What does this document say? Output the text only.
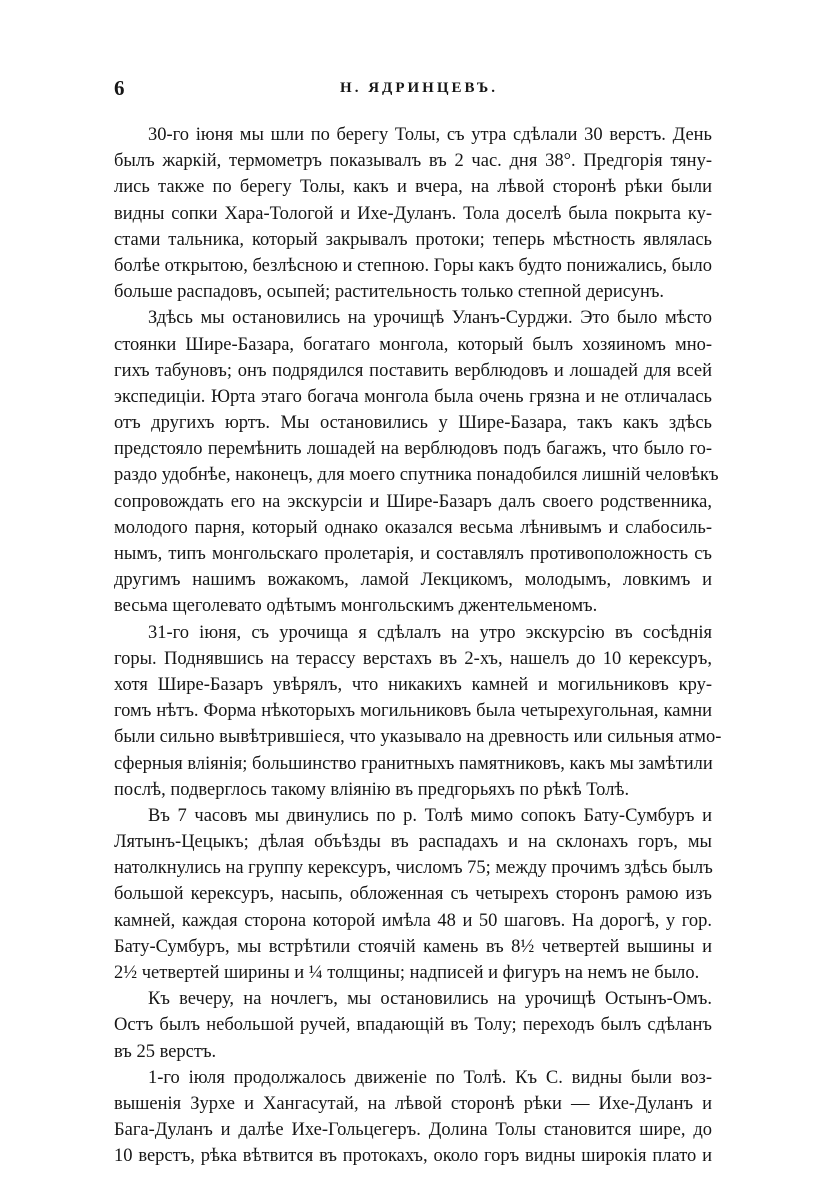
6	Н. ЯДРИНЦЕВЪ.
30-го іюня мы шли по берегу Толы, съ утра сдѣлали 30 верстъ. День
былъ жаркій, термометръ показывалъ въ 2 час. дня 38°. Предгорія тяну-
лись также по берегу Толы, какъ и вчера, на лѣвой сторонѣ рѣки были
видны сопки Хара-Тологой и Ихе-Дуланъ. Тола доселѣ была покрыта ку-
стами тальника, который закрывалъ протоки; теперь мѣстность являлась
болѣе открытою, безлѣсною и степною. Горы какъ будто понижались, было
больше распадовъ, осыпей; растительность только степной дерисунъ.
Здѣсь мы остановились на урочищѣ Уланъ-Сурджи. Это было мѣсто
стоянки Шире-Базара, богатаго монгола, который былъ хозяиномъ мно-
гихъ табуновъ; онъ подрядился поставить верблюдовъ и лошадей для всей
экспедиціи. Юрта этаго богача монгола была очень грязна и не отличалась
отъ другихъ юртъ. Мы остановились у Шире-Базара, такъ какъ здѣсь
предстояло перемѣнить лошадей на верблюдовъ подъ багажъ, что было го-
раздо удобнѣе, наконецъ, для моего спутника понадобился лишній человѣкъ
сопровождать его на экскурсіи и Шире-Базаръ далъ своего родственника,
молодого парня, который однако оказался весьма лѣнивымъ и слабосиль-
нымъ, типъ монгольскаго пролетарія, и составлялъ противоположность съ
другимъ нашимъ вожакомъ, ламой Лекцикомъ, молодымъ, ловкимъ и
весьма щеголевато одѣтымъ монгольскимъ джентельменомъ.
31-го іюня, съ урочища я сдѣлалъ на утро экскурсію въ сосѣднія
горы. Поднявшись на терассу верстахъ въ 2-хъ, нашелъ до 10 керексуръ,
хотя Шире-Базаръ увѣрялъ, что никакихъ камней и могильниковъ кру-
гомъ нѣтъ. Форма нѣкоторыхъ могильниковъ была четырехугольная, камни
были сильно вывѣтрившіеся, что указывало на древность или сильныя атмо-
сферныя вліянія; большинство гранитныхъ памятниковъ, какъ мы замѣтили
послѣ, подверглось такому вліянію въ предгорьяхъ по рѣкѣ Толѣ.
Въ 7 часовъ мы двинулись по р. Толѣ мимо сопокъ Бату-Сумбуръ и
Лятынъ-Цецыкъ; дѣлая объѣзды въ распадахъ и на склонахъ горъ, мы
натолкнулись на группу керексуръ, числомъ 75; между прочимъ здѣсь былъ
большой керексуръ, насыпь, обложенная съ четырехъ сторонъ рамою изъ
камней, каждая сторона которой имѣла 48 и 50 шаговъ. На дорогѣ, у гор.
Бату-Сумбуръ, мы встрѣтили стоячій камень въ 8½ четвертей вышины и
2½ четвертей ширины и ¼ толщины; надписей и фигуръ на немъ не было.
Къ вечеру, на ночлегъ, мы остановились на урочищѣ Остынъ-Омъ.
Остъ былъ небольшой ручей, впадающій въ Толу; переходъ былъ сдѣланъ
въ 25 верстъ.
1-го іюля продолжалось движеніе по Толѣ. Къ С. видны были воз-
вышенія Зурхе и Хангасутай, на лѣвой сторонѣ рѣки — Ихе-Дуланъ и
Бага-Дуланъ и далѣе Ихе-Гольцегеръ. Долина Толы становится шире, до
10 верстъ, рѣка вѣтвится въ протокахъ, около горъ видны широкія плато и
